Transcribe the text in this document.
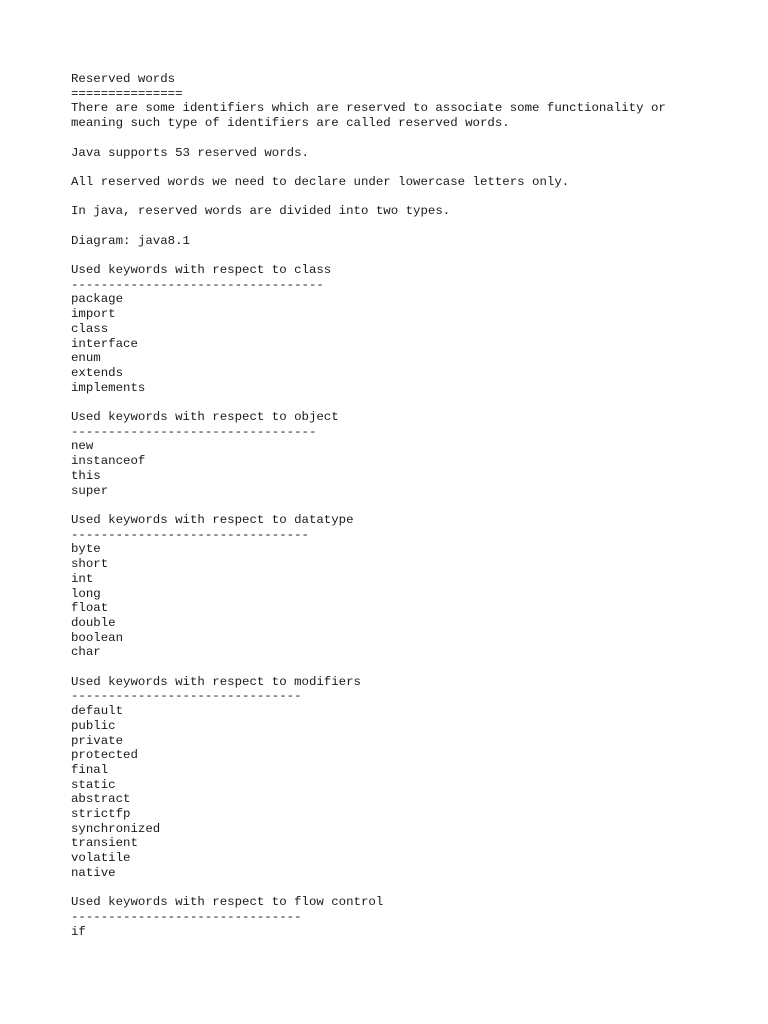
Reserved words
===============
There are some identifiers which are reserved to associate some functionality or
meaning such type of identifiers are called reserved words.
Java supports 53 reserved words.
All reserved words we need to declare under lowercase letters only.
In java, reserved words are divided into two types.
Diagram: java8.1
Used keywords with respect to class
----------------------------------
package
import
class
interface
enum
extends
implements
Used keywords with respect to object
---------------------------------
new
instanceof
this
super
Used keywords with respect to datatype
--------------------------------
byte
short
int
long
float
double
boolean
char
Used keywords with respect to modifiers
-------------------------------
default
public
private
protected
final
static
abstract
strictfp
synchronized
transient
volatile
native
Used keywords with respect to flow control
-------------------------------
if
